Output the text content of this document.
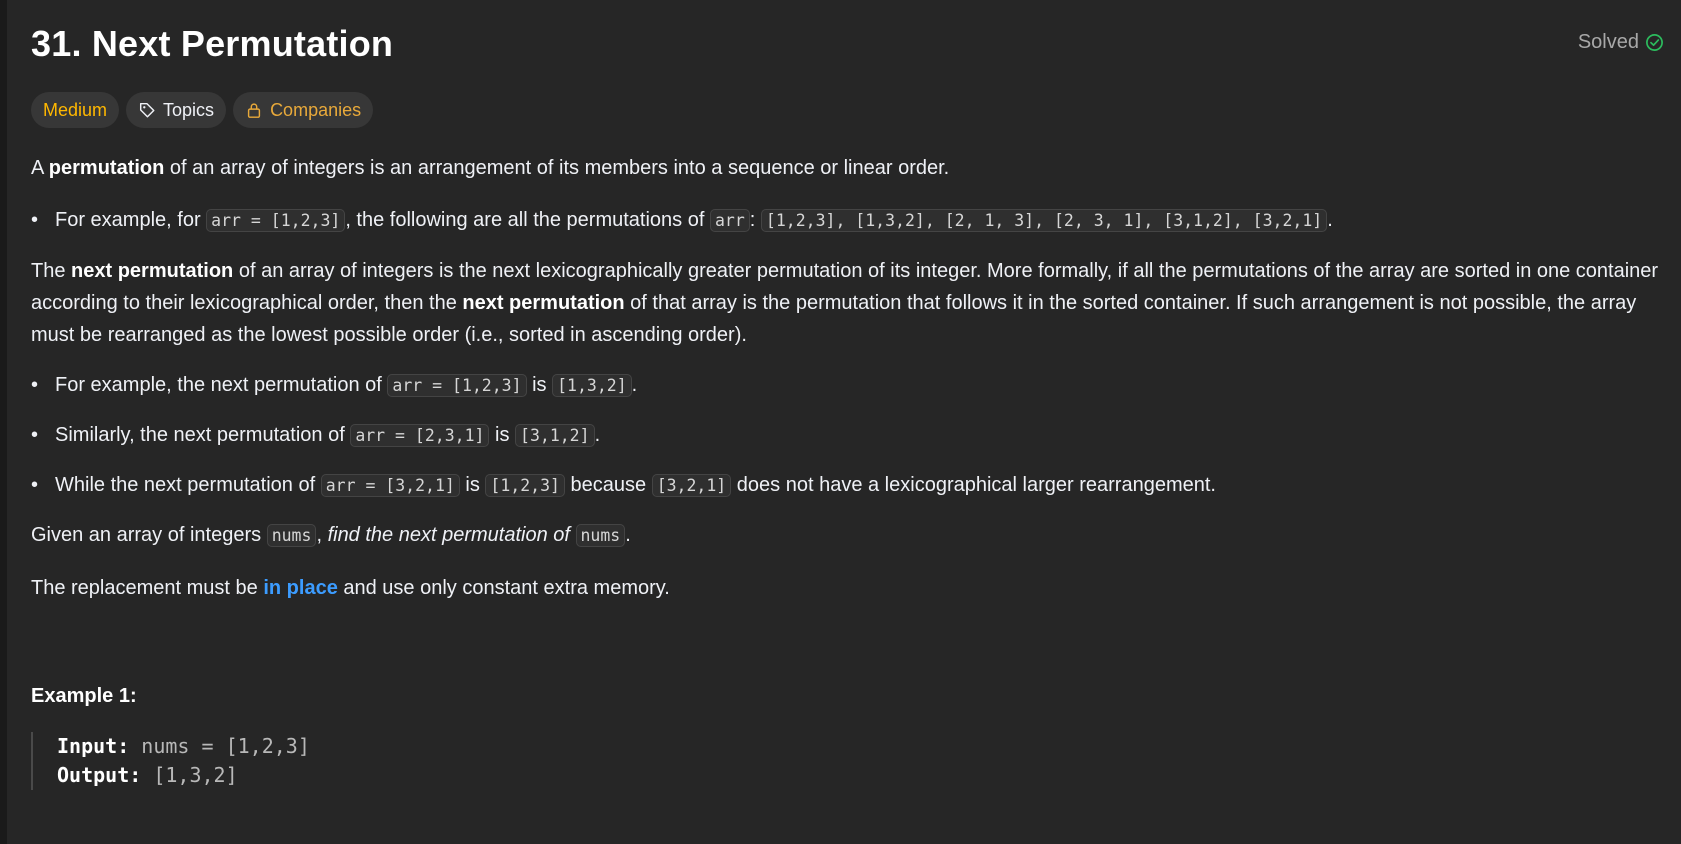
31. Next Permutation	Solved
Medium	Topics	Companies

A permutation of an array of integers is an arrangement of its members into a sequence or linear order.

• For example, for arr = [1,2,3] , the following are all the permutations of arr : [1,2,3], [1,3,2], [2, 1, 3], [2, 3, 1], [3,1,2], [3,2,1] .

The next permutation of an array of integers is the next lexicographically greater permutation of its integer. More formally, if all the permutations of the array are sorted in one container according to their lexicographical order, then the next permutation of that array is the permutation that follows it in the sorted container. If such arrangement is not possible, the array must be rearranged as the lowest possible order (i.e., sorted in ascending order).

• For example, the next permutation of arr = [1,2,3] is [1,3,2] .
• Similarly, the next permutation of arr = [2,3,1] is [3,1,2] .
• While the next permutation of arr = [3,2,1] is [1,2,3] because [3,2,1] does not have a lexicographical larger rearrangement.

Given an array of integers nums , find the next permutation of nums .

The replacement must be in place and use only constant extra memory.

Example 1:

Input: nums = [1,2,3]
Output: [1,3,2]
